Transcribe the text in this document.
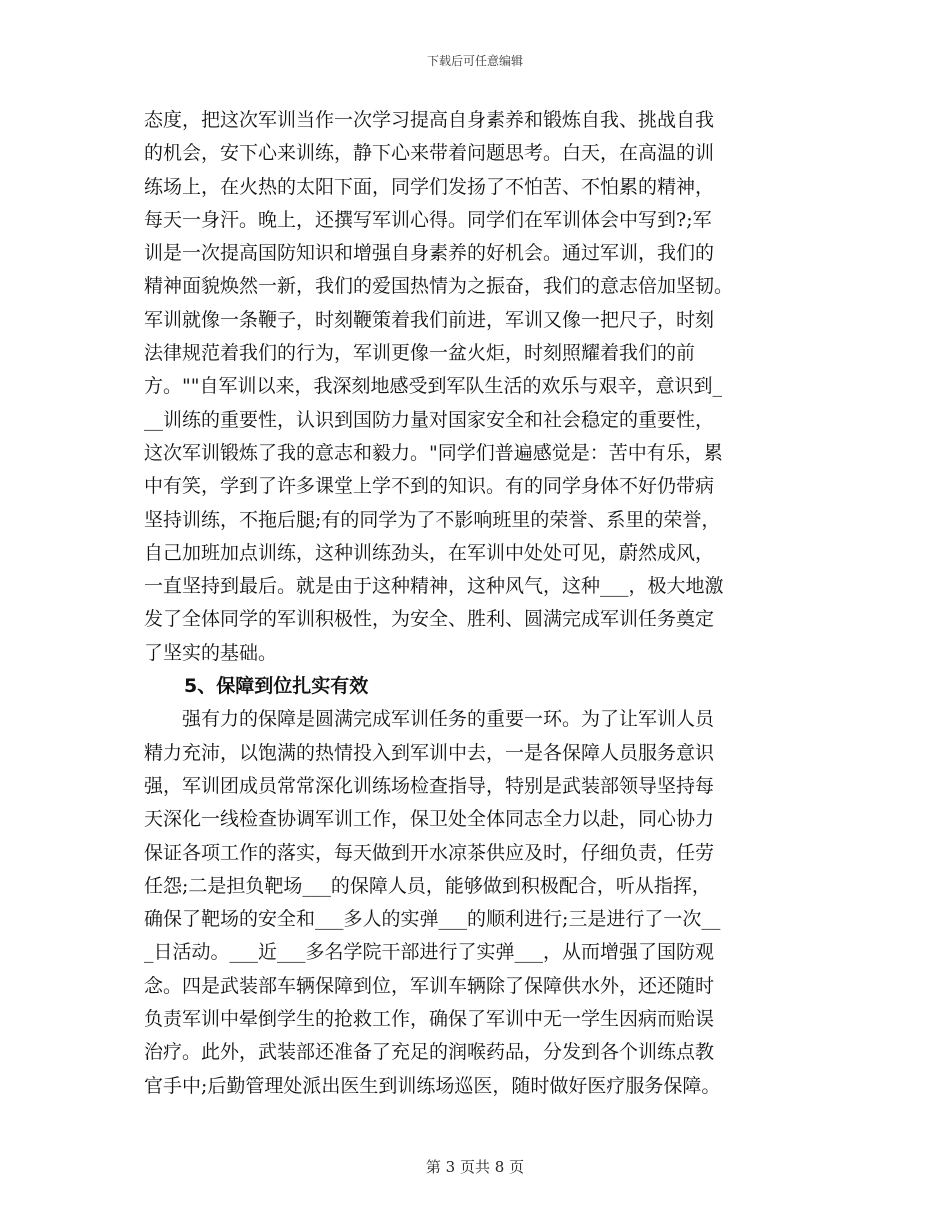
下载后可任意编辑
态度，把这次军训当作一次学习提高自身素养和锻炼自我、挑战自我
的机会，安下心来训练，静下心来带着问题思考。白天，在高温的训
练场上，在火热的太阳下面，同学们发扬了不怕苦、不怕累的精神，
每天一身汗。晚上，还撰写军训心得。同学们在军训体会中写到?;军
训是一次提高国防知识和增强自身素养的好机会。通过军训，我们的
精神面貌焕然一新，我们的爱国热情为之振奋，我们的意志倍加坚韧。
军训就像一条鞭子，时刻鞭策着我们前进，军训又像一把尺子，时刻
法律规范着我们的行为，军训更像一盆火炬，时刻照耀着我们的前
方。""自军训以来，我深刻地感受到军队生活的欢乐与艰辛，意识到_
__训练的重要性，认识到国防力量对国家安全和社会稳定的重要性，
这次军训锻炼了我的意志和毅力。"同学们普遍感觉是：苦中有乐，累
中有笑，学到了许多课堂上学不到的知识。有的同学身体不好仍带病
坚持训练，不拖后腿;有的同学为了不影响班里的荣誉、系里的荣誉，
自己加班加点训练，这种训练劲头，在军训中处处可见，蔚然成风，
一直坚持到最后。就是由于这种精神，这种风气，这种___，极大地激
发了全体同学的军训积极性，为安全、胜利、圆满完成军训任务奠定
了坚实的基础。
5、保障到位扎实有效
强有力的保障是圆满完成军训任务的重要一环。为了让军训人员
精力充沛，以饱满的热情投入到军训中去，一是各保障人员服务意识
强，军训团成员常常深化训练场检查指导，特别是武装部领导坚持每
天深化一线检查协调军训工作，保卫处全体同志全力以赴，同心协力
保证各项工作的落实，每天做到开水凉茶供应及时，仔细负责，任劳
任怨;二是担负靶场___的保障人员，能够做到积极配合，听从指挥，
确保了靶场的安全和___多人的实弹___的顺利进行;三是进行了一次__
_日活动。___近___多名学院干部进行了实弹___，从而增强了国防观
念。四是武装部车辆保障到位，军训车辆除了保障供水外，还还随时
负责军训中晕倒学生的抢救工作，确保了军训中无一学生因病而贻误
治疗。此外，武装部还准备了充足的润喉药品，分发到各个训练点教
官手中;后勤管理处派出医生到训练场巡医，随时做好医疗服务保障。
第 3 页共 8 页
